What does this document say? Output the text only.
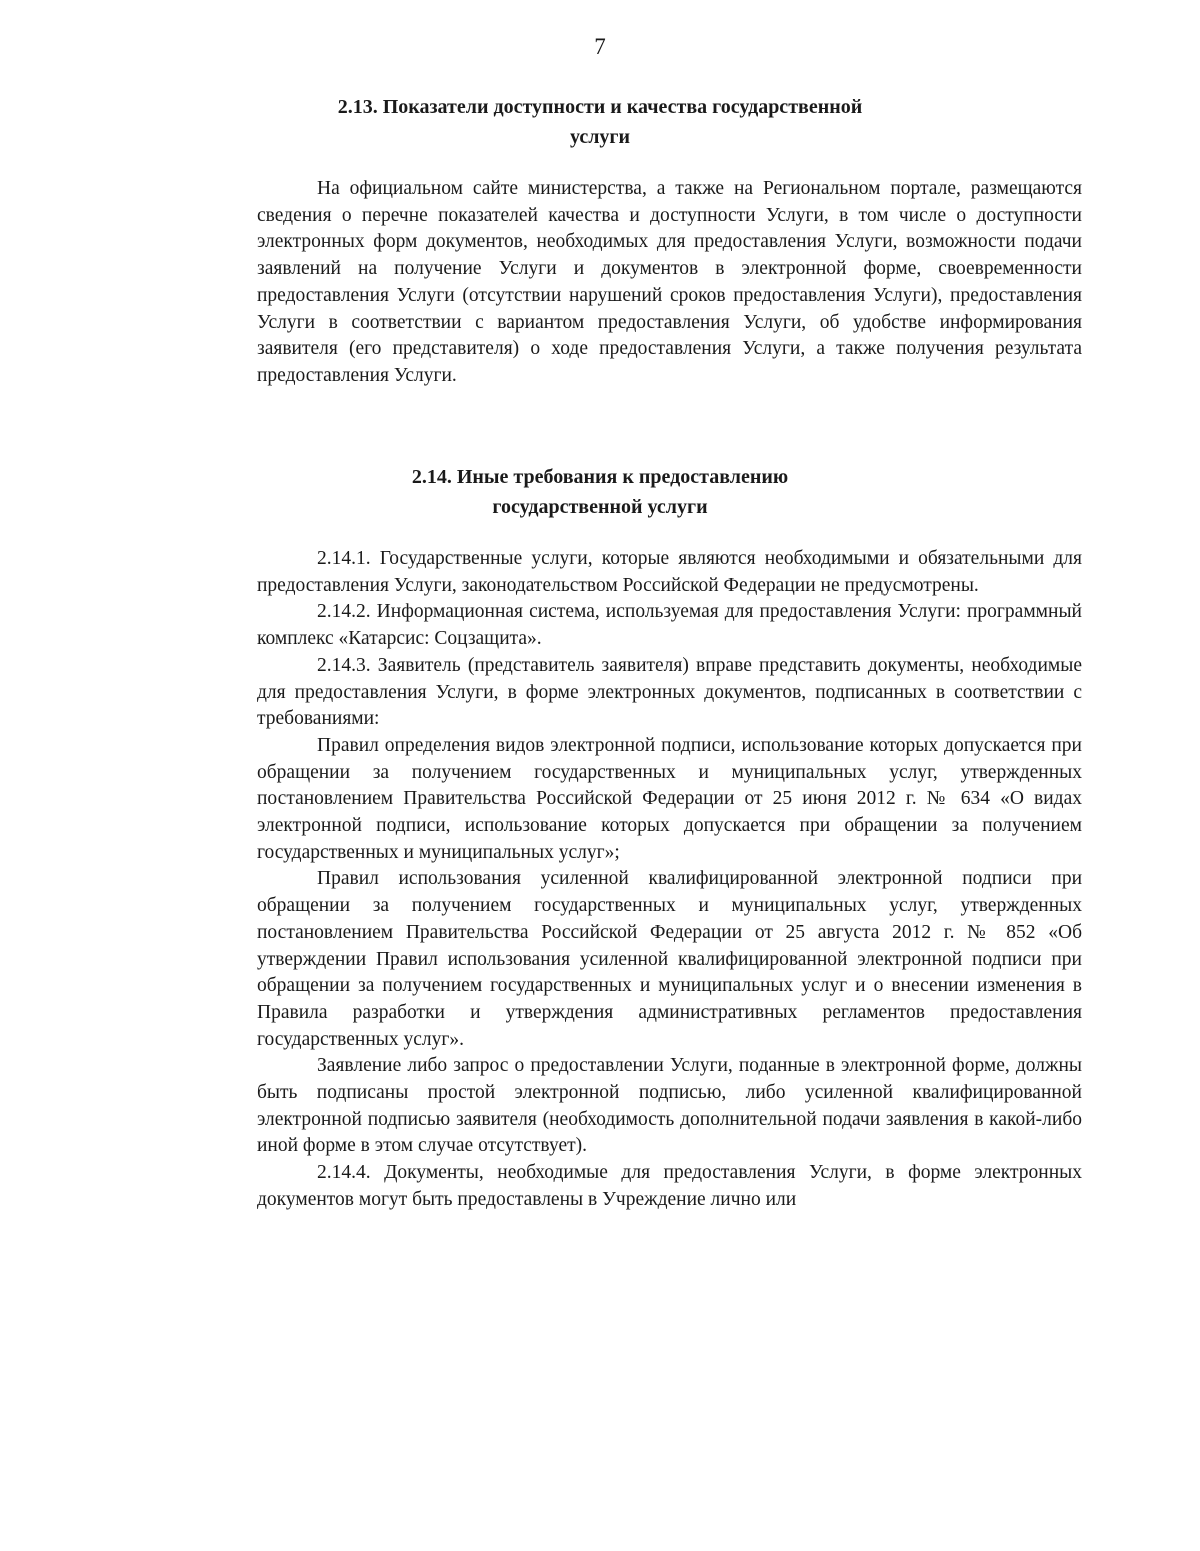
7
2.13. Показатели доступности и качества государственной
услуги

На официальном сайте министерства, а также на Региональном портале, размещаются сведения о перечне показателей качества и доступности Услуги, в том числе о доступности электронных форм документов, необходимых для предоставления Услуги, возможности подачи заявлений на получение Услуги и документов в электронной форме, своевременности предоставления Услуги (отсутствии нарушений сроков предоставления Услуги), предоставления Услуги в соответствии с вариантом предоставления Услуги, об удобстве информирования заявителя (его представителя) о ходе предоставления Услуги, а также получения результата предоставления Услуги.

2.14. Иные требования к предоставлению
государственной услуги

2.14.1. Государственные услуги, которые являются необходимыми и обязательными для предоставления Услуги, законодательством Российской Федерации не предусмотрены.

2.14.2. Информационная система, используемая для предоставления Услуги: программный комплекс «Катарсис: Соцзащита».

2.14.3. Заявитель (представитель заявителя) вправе представить документы, необходимые для предоставления Услуги, в форме электронных документов, подписанных в соответствии с требованиями:

Правил определения видов электронной подписи, использование которых допускается при обращении за получением государственных и муниципальных услуг, утвержденных постановлением Правительства Российской Федерации от 25 июня 2012 г. № 634 «О видах электронной подписи, использование которых допускается при обращении за получением государственных и муниципальных услуг»;

Правил использования усиленной квалифицированной электронной подписи при обращении за получением государственных и муниципальных услуг, утвержденных постановлением Правительства Российской Федерации от 25 августа 2012 г. № 852 «Об утверждении Правил использования усиленной квалифицированной электронной подписи при обращении за получением государственных и муниципальных услуг и о внесении изменения в Правила разработки и утверждения административных регламентов предоставления государственных услуг».

Заявление либо запрос о предоставлении Услуги, поданные в электронной форме, должны быть подписаны простой электронной подписью, либо усиленной квалифицированной электронной подписью заявителя (необходимость дополнительной подачи заявления в какой-либо иной форме в этом случае отсутствует).

2.14.4. Документы, необходимые для предоставления Услуги, в форме электронных документов могут быть предоставлены в Учреждение лично или
